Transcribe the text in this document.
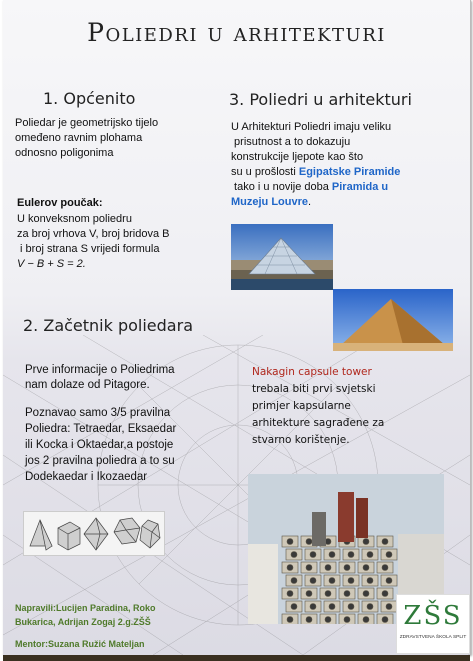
Poliedri u arhitekturi
1. Općenito
Poliedar je geometrijsko tijelo
omeđeno ravnim plohama
odnosno poligonima
Eulerov poučak:
U konveksnom poliedru
za broj vrhova V, broj bridova B
i broj strana S vrijedi formula
V − B + S = 2.
3. Poliedri u arhitekturi
U Arhitekturi Poliedri imaju veliku
prisutnost a to dokazuju
konstrukcije ljepote kao što
su u prošlosti Egipatske Piramide
tako i u novije doba Piramida u
Muzeju Louvre.
2. Začetnik poliedara
Prve informacije o Poliedrima
nam dolaze od Pitagore.
Poznavao samo 3/5 pravilna
Poliedra: Tetraedar, Eksaedar
ili Kocka i Oktaedar,a postoje
jos 2 pravilna poliedra a to su
Dodekaedar i Ikozaedar
Nakagin capsule tower
trebala biti prvi svjetski
primjer kapsularne
arhitekture sagrađene za
stvarno korištenje.
Napravili:Lucijen Paradina, Roko
Bukarica, Adrijan Zogaj 2.g.ZŠŠ
Mentor:Suzana Ružić Mateljan
ZŠS
ZDRAVSTVENA ŠKOLA SPLIT
